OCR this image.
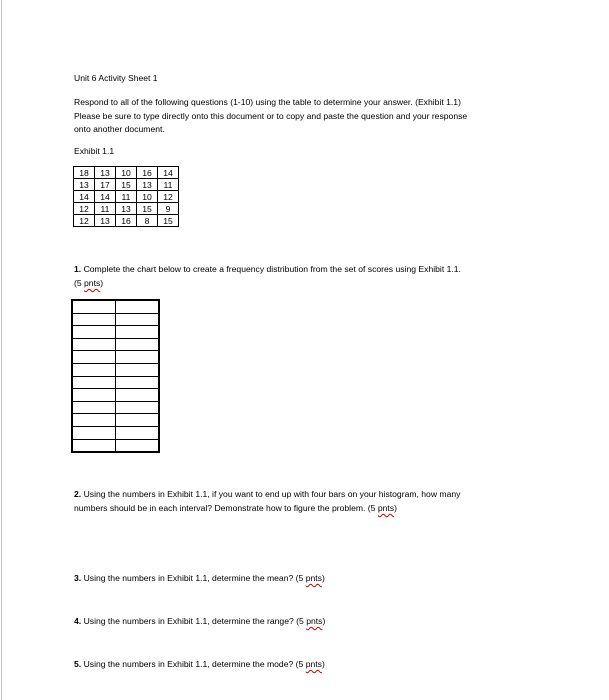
Unit 6 Activity Sheet 1
Respond to all of the following questions (1-10) using the table to determine your answer. (Exhibit 1.1)
Please be sure to type directly onto this document or to copy and paste the question and your response
onto another document.
Exhibit 1.1
18	13	10	16	14
13	17	15	13	11
14	14	11	10	12
12	11	13	15	9
12	13	16	8	15
1. Complete the chart below to create a frequency distribution from the set of scores using Exhibit 1.1.
(5 pnts)

2. Using the numbers in Exhibit 1.1, if you want to end up with four bars on your histogram, how many
numbers should be in each interval? Demonstrate how to figure the problem. (5 pnts)
3. Using the numbers in Exhibit 1.1, determine the mean? (5 pnts)
4. Using the numbers in Exhibit 1.1, determine the range? (5 pnts)
5. Using the numbers in Exhibit 1.1, determine the mode? (5 pnts)
